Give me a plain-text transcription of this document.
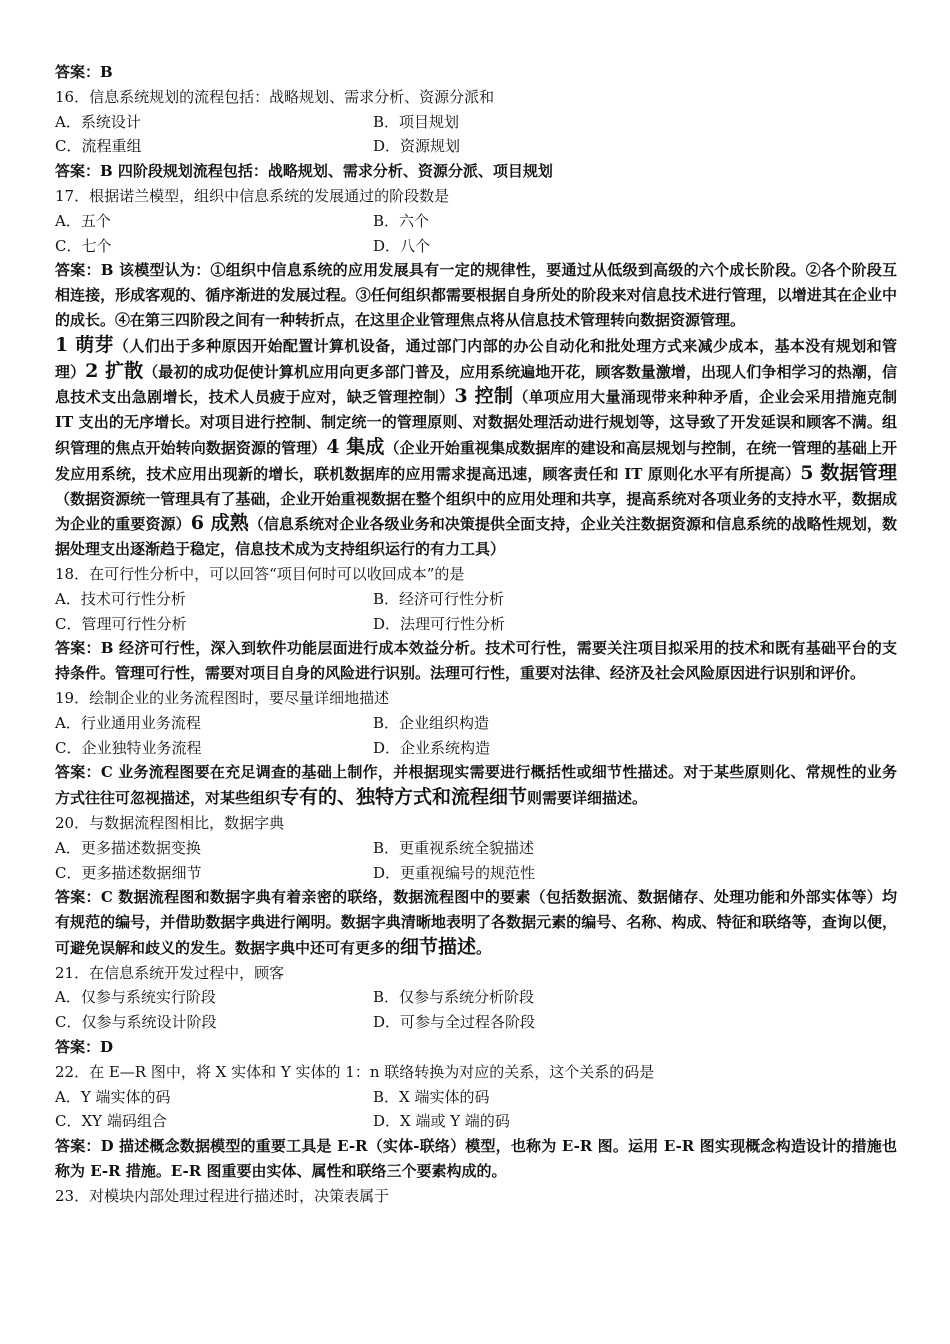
答案：B
16．信息系统规划的流程包括：战略规划、需求分析、资源分派和
A．系统设计	B．项目规划
C．流程重组	D．资源规划
答案：B 四阶段规划流程包括：战略规划、需求分析、资源分派、项目规划
17．根据诺兰模型，组织中信息系统的发展通过的阶段数是
A．五个	B．六个
C．七个	D．八个
答案：B 该模型认为：①组织中信息系统的应用发展具有一定的规律性，要通过从低级到高级的六个成长阶段。②各个阶段互相连接，形成客观的、循序渐进的发展过程。③任何组织都需要根据自身所处的阶段来对信息技术进行管理，以增进其在企业中的成长。④在第三四阶段之间有一种转折点，在这里企业管理焦点将从信息技术管理转向数据资源管理。
1 萌芽（人们出于多种原因开始配置计算机设备，通过部门内部的办公自动化和批处理方式来减少成本，基本没有规划和管理）2 扩散（最初的成功促使计算机应用向更多部门普及，应用系统遍地开花，顾客数量激增，出现人们争相学习的热潮，信息技术支出急剧增长，技术人员疲于应对，缺乏管理控制）3 控制（单项应用大量涌现带来种种矛盾，企业会采用措施克制 IT 支出的无序增长。对项目进行控制、制定统一的管理原则、对数据处理活动进行规划等，这导致了开发延误和顾客不满。组织管理的焦点开始转向数据资源的管理）4 集成（企业开始重视集成数据库的建设和高层规划与控制，在统一管理的基础上开发应用系统，技术应用出现新的增长，联机数据库的应用需求提高迅速，顾客责任和 IT 原则化水平有所提高）5 数据管理（数据资源统一管理具有了基础，企业开始重视数据在整个组织中的应用处理和共享，提高系统对各项业务的支持水平，数据成为企业的重要资源）6 成熟（信息系统对企业各级业务和决策提供全面支持，企业关注数据资源和信息系统的战略性规划，数据处理支出逐渐趋于稳定，信息技术成为支持组织运行的有力工具）
18．在可行性分析中，可以回答“项目何时可以收回成本”的是
A．技术可行性分析	B．经济可行性分析
C．管理可行性分析	D．法理可行性分析
答案：B 经济可行性，深入到软件功能层面进行成本效益分析。技术可行性，需要关注项目拟采用的技术和既有基础平台的支持条件。管理可行性，需要对项目自身的风险进行识别。法理可行性，重要对法律、经济及社会风险原因进行识别和评价。
19．绘制企业的业务流程图时，要尽量详细地描述
A．行业通用业务流程	B．企业组织构造
C．企业独特业务流程	D．企业系统构造
答案：C 业务流程图要在充足调查的基础上制作，并根据现实需要进行概括性或细节性描述。对于某些原则化、常规性的业务方式往往可忽视描述，对某些组织专有的、独特方式和流程细节则需要详细描述。
20．与数据流程图相比，数据字典
A．更多描述数据变换	B．更重视系统全貌描述
C．更多描述数据细节	D．更重视编号的规范性
答案：C 数据流程图和数据字典有着亲密的联络，数据流程图中的要素（包括数据流、数据储存、处理功能和外部实体等）均有规范的编号，并借助数据字典进行阐明。数据字典清晰地表明了各数据元素的编号、名称、构成、特征和联络等，查询以便，可避免误解和歧义的发生。数据字典中还可有更多的细节描述。
21．在信息系统开发过程中，顾客
A．仅参与系统实行阶段	B．仅参与系统分析阶段
C．仅参与系统设计阶段	D．可参与全过程各阶段
答案：D
22．在 E—R 图中，将 X 实体和 Y 实体的 1：n 联络转换为对应的关系，这个关系的码是
A．Y 端实体的码	B．X 端实体的码
C．XY 端码组合	D．X 端或 Y 端的码
答案：D 描述概念数据模型的重要工具是 E-R（实体-联络）模型，也称为 E-R 图。运用 E-R 图实现概念构造设计的措施也称为 E-R 措施。E-R 图重要由实体、属性和联络三个要素构成的。
23．对模块内部处理过程进行描述时，决策表属于
